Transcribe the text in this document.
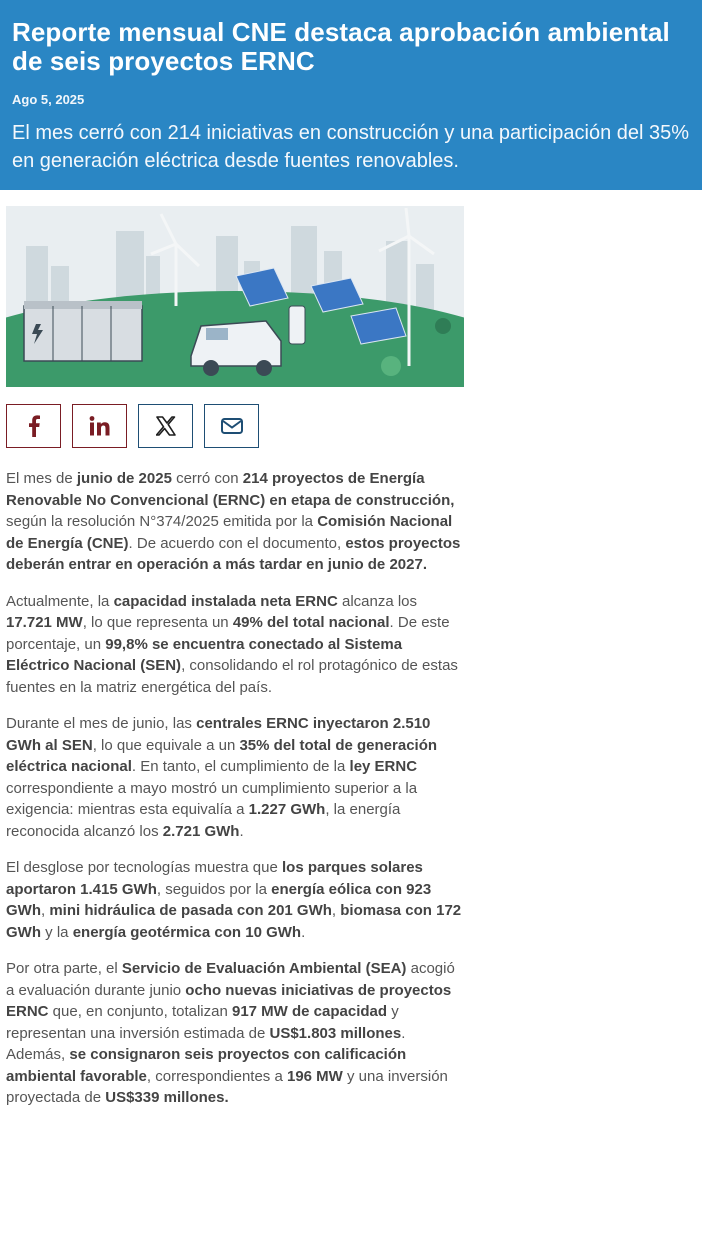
Reporte mensual CNE destaca aprobación ambiental de seis proyectos ERNC
Ago 5, 2025
El mes cerró con 214 iniciativas en construcción y una participación del 35% en generación eléctrica desde fuentes renovables.

El mes de junio de 2025 cerró con 214 proyectos de Energía Renovable No Convencional (ERNC) en etapa de construcción, según la resolución N°374/2025 emitida por la Comisión Nacional de Energía (CNE). De acuerdo con el documento, estos proyectos deberán entrar en operación a más tardar en junio de 2027.

Actualmente, la capacidad instalada neta ERNC alcanza los 17.721 MW, lo que representa un 49% del total nacional. De este porcentaje, un 99,8% se encuentra conectado al Sistema Eléctrico Nacional (SEN), consolidando el rol protagónico de estas fuentes en la matriz energética del país.

Durante el mes de junio, las centrales ERNC inyectaron 2.510 GWh al SEN, lo que equivale a un 35% del total de generación eléctrica nacional. En tanto, el cumplimiento de la ley ERNC correspondiente a mayo mostró un cumplimiento superior a la exigencia: mientras esta equivalía a 1.227 GWh, la energía reconocida alcanzó los 2.721 GWh.

El desglose por tecnologías muestra que los parques solares aportaron 1.415 GWh, seguidos por la energía eólica con 923 GWh, mini hidráulica de pasada con 201 GWh, biomasa con 172 GWh y la energía geotérmica con 10 GWh.

Por otra parte, el Servicio de Evaluación Ambiental (SEA) acogió a evaluación durante junio ocho nuevas iniciativas de proyectos ERNC que, en conjunto, totalizan 917 MW de capacidad y representan una inversión estimada de US$1.803 millones. Además, se consignaron seis proyectos con calificación ambiental favorable, correspondientes a 196 MW y una inversión proyectada de US$339 millones.
